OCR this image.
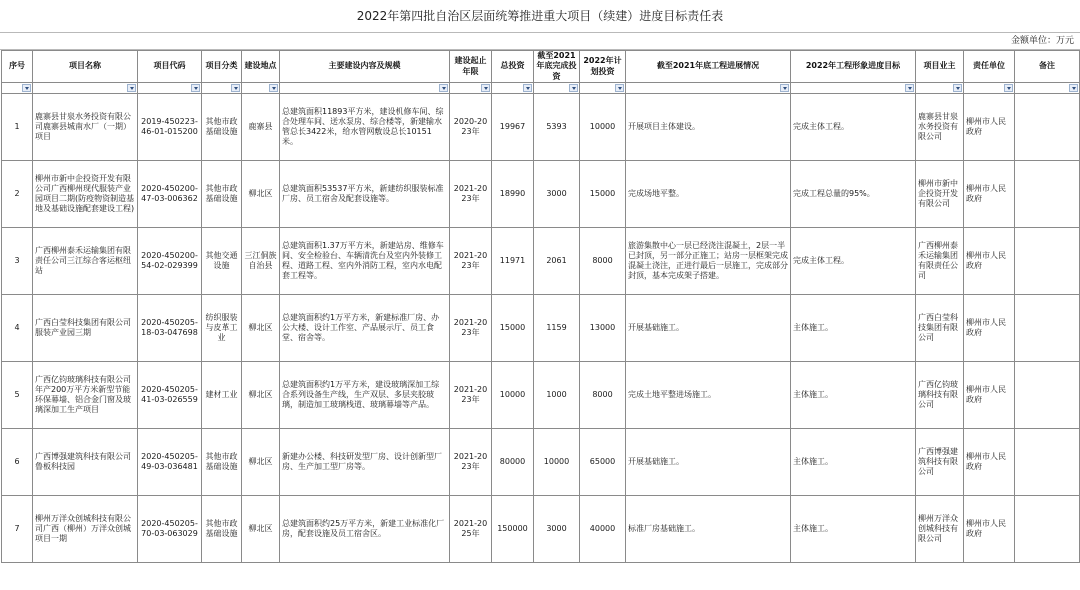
2022年第四批自治区层面统筹推进重大项目（续建）进度目标责任表
金额单位：万元
序号	项目名称	项目代码	项目分类	建设地点	主要建设内容及规模	建设起止年限	总投资	截至2021年底完成投资	2022年计划投资	截至2021年底工程进展情况	2022年工程形象进度目标	项目业主	责任单位	备注

1	鹿寨县甘泉水务投资有限公司鹿寨县城南水厂（一期）项目	2019-450223-46-01-015200	其他市政基础设施	鹿寨县	总建筑面积11893平方米，建设机修车间、综合处理车间、送水泵房、综合楼等，新建输水管总长3422米，给水管网敷设总长10151米。	2020-2023年	19967	5393	10000	开展项目主体建设。	完成主体工程。	鹿寨县甘泉水务投资有限公司	柳州市人民政府	
2	柳州市新中企投资开发有限公司广西柳州现代服装产业园项目二期(防疫物资制造基地及基础设施配套建设工程)	2020-450200-47-03-006362	其他市政基础设施	柳北区	总建筑面积53537平方米，新建纺织服装标准厂房、员工宿舍及配套设施等。	2021-2023年	18990	3000	15000	完成场地平整。	完成工程总量的95%。	柳州市新中企投资开发有限公司	柳州市人民政府	
3	广西柳州泰禾运输集团有限责任公司三江综合客运枢纽站	2020-450200-54-02-029399	其他交通设施	三江侗族自治县	总建筑面积1.37万平方米，新建站房、维修车间、安全检验台、车辆清洗台及室内外装修工程、道路工程、室内外消防工程，室内水电配套工程等。	2021-2023年	11971	2061	8000	旅游集散中心一层已经浇注混凝土，2层一半已封顶，另一部分正施工；站房一层框架完成混凝土浇注，正进行最后一层施工，完成部分封顶，基本完成架子搭建。	完成主体工程。	广西柳州泰禾运输集团有限责任公司	柳州市人民政府	
4	广西白莹科技集团有限公司服装产业园三期	2020-450205-18-03-047698	纺织服装与皮革工业	柳北区	总建筑面积约1万平方米，新建标准厂房、办公大楼、设计工作室、产品展示厅、员工食堂、宿舍等。	2021-2023年	15000	1159	13000	开展基础施工。	主体施工。	广西白莹科技集团有限公司	柳州市人民政府	
5	广西亿钧玻璃科技有限公司年产200万平方米新型节能环保幕墙、铝合金门窗及玻璃深加工生产项目	2020-450205-41-03-026559	建材工业	柳北区	总建筑面积约1万平方米，建设玻璃深加工综合系列设备生产线，生产双层、多层夹胶玻璃，制造加工玻璃栈道、玻璃幕墙等产品。	2021-2023年	10000	1000	8000	完成土地平整进场施工。	主体施工。	广西亿钧玻璃科技有限公司	柳州市人民政府	
6	广西博强建筑科技有限公司鲁板科技园	2020-450205-49-03-036481	其他市政基础设施	柳北区	新建办公楼、科技研发型厂房、设计创新型厂房、生产加工型厂房等。	2021-2023年	80000	10000	65000	开展基础施工。	主体施工。	广西博强建筑科技有限公司	柳州市人民政府	
7	柳州万洋众创城科技有限公司广西（柳州）万洋众创城项目一期	2020-450205-70-03-063029	其他市政基础设施	柳北区	总建筑面积约25万平方米，新建工业标准化厂房，配套设施及员工宿舍区。	2021-2025年	150000	3000	40000	标准厂房基础施工。	主体施工。	柳州万洋众创城科技有限公司	柳州市人民政府	
